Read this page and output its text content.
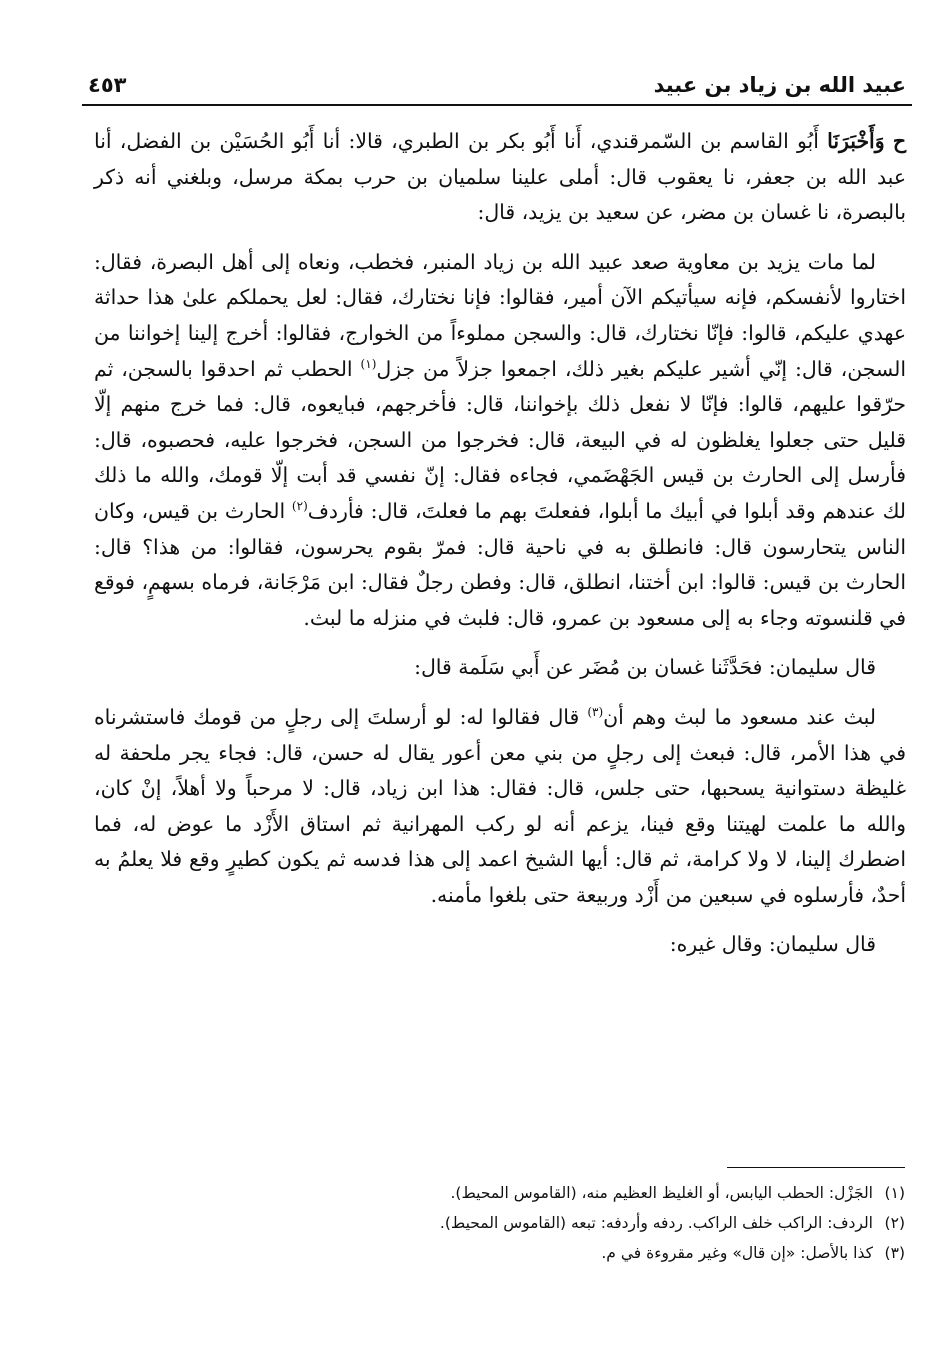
عبيد الله بن زياد بن عبيد
٤٥٣

ح وَأَخْبَرَنَا أَبُو القاسم بن السّمرقندي، أَنا أَبُو بكر بن الطبري، قالا: أنا أَبُو الحُسَيْن بن الفضل، أنا عبد الله بن جعفر، نا يعقوب قال: أملى علينا سلميان بن حرب بمكة مرسل، وبلغني أنه ذكر بالبصرة، نا غسان بن مضر، عن سعيد بن يزيد، قال:

لما مات يزيد بن معاوية صعد عبيد الله بن زياد المنبر، فخطب، ونعاه إلى أهل البصرة، فقال: اختاروا لأنفسكم، فإنه سيأتيكم الآن أمير، فقالوا: فإنا نختارك، فقال: لعل يحملكم علىٰ هذا حداثة عهدي عليكم، قالوا: فإنّا نختارك، قال: والسجن مملوءاً من الخوارج، فقالوا: أخرج إلينا إخواننا من السجن، قال: إنّي أشير عليكم بغير ذلك، اجمعوا جزلاً من جزل$^{(١)}$ الحطب ثم احدقوا بالسجن، ثم حرّقوا عليهم، قالوا: فإنّا لا نفعل ذلك بإخواننا، قال: فأخرجهم، فبايعوه، قال: فما خرج منهم إلّا قليل حتى جعلوا يغلظون له في البيعة، قال: فخرجوا من السجن، فخرجوا عليه، فحصبوه، قال: فأرسل إلى الحارث بن قيس الجَهْضَمي، فجاءه فقال: إنّ نفسي قد أبت إلّا قومك، والله ما ذلك لك عندهم وقد أبلوا في أبيك ما أبلوا، ففعلتَ بهم ما فعلتَ، قال: فأردف$^{(٢)}$ الحارث بن قيس، وكان الناس يتحارسون قال: فانطلق به في ناحية قال: فمرّ بقوم يحرسون، فقالوا: من هذا؟ قال: الحارث بن قيس: قالوا: ابن أختنا، انطلق، قال: وفطن رجلٌ فقال: ابن مَرْجَانة، فرماه بسهمٍ، فوقع في قلنسوته وجاء به إلى مسعود بن عمرو، قال: فلبث في منزله ما لبث.

قال سليمان: فحَدَّثَنا غسان بن مُضَر عن أَبي سَلَمة قال:

لبث عند مسعود ما لبث وهم أن$^{(٣)}$ قال فقالوا له: لو أرسلتَ إلى رجلٍ من قومك فاستشرناه في هذا الأمر، قال: فبعث إلى رجلٍ من بني معن أعور يقال له حسن، قال: فجاء يجر ملحفة له غليظة دستوانية يسحبها، حتى جلس، قال: فقال: هذا ابن زياد، قال: لا مرحباً ولا أهلاً، إنْ كان، والله ما علمت لهيتنا وقع فينا، يزعم أنه لو ركب المهرانية ثم استاق الأَزْد ما عوض له، فما اضطرك إلينا، لا ولا كرامة، ثم قال: أيها الشيخ اعمد إلى هذا فدسه ثم يكون كطيرٍ وقع فلا يعلمُ به أحدٌ، فأرسلوه في سبعين من أَزْد وربيعة حتى بلغوا مأمنه.

قال سليمان: وقال غيره:

(١)
الجَزْل: الحطب اليابس، أو الغليظ العظيم منه، (القاموس المحيط).
(٢)
الردف: الراكب خلف الراكب. ردفه وأردفه: تبعه (القاموس المحيط).
(٣)
كذا بالأصل: «إن قال» وغير مقروءة في م.
